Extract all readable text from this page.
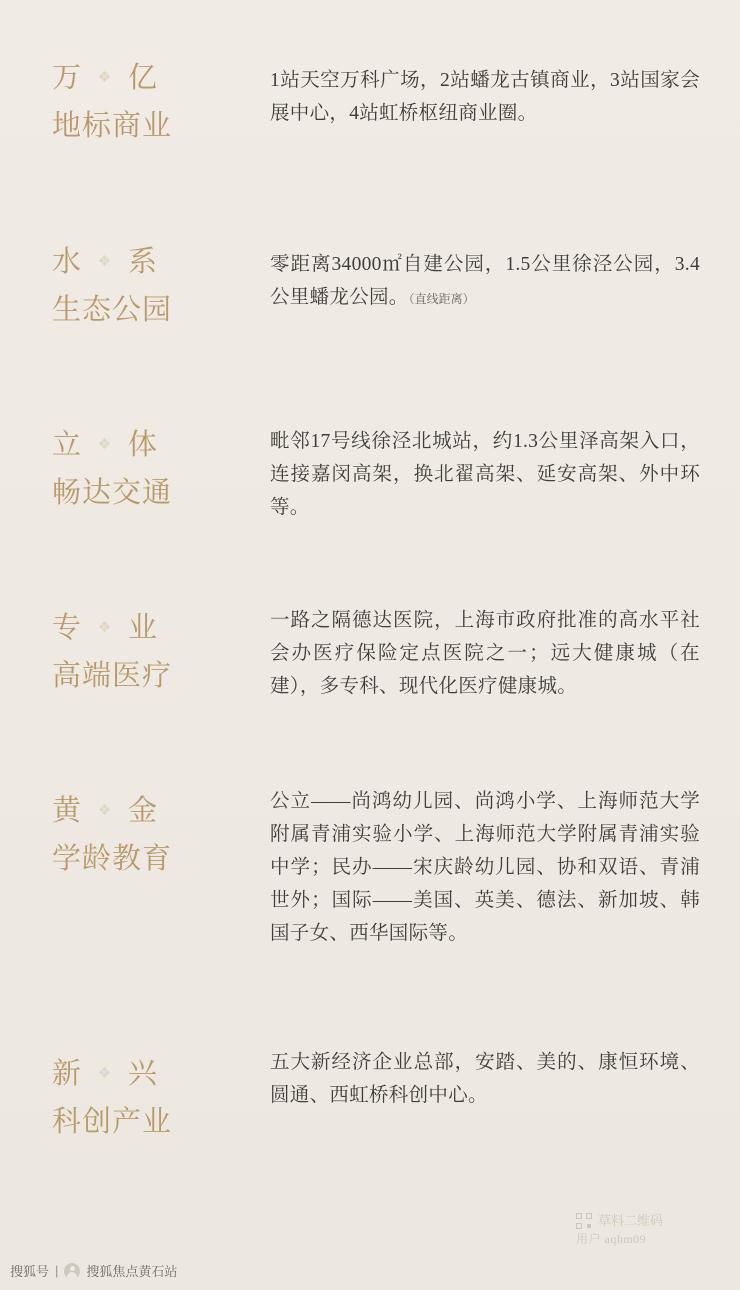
万	❖ 亿
地标商业
1站天空万科广场，2站蟠龙古镇商业，3站国家会展中心，4站虹桥枢纽商业圈。
水	❖ 系
生态公园
零距离34000㎡自建公园，1.5公里徐泾公园，3.4公里蟠龙公园。（直线距离）
立	❖ 体
畅达交通
毗邻17号线徐泾北城站，约1.3公里泽高架入口，连接嘉闵高架，换北翟高架、延安高架、外中环等。
专	❖ 业
高端医疗
一路之隔德达医院，上海市政府批准的高水平社会办医疗保险定点医院之一；远大健康城（在建），多专科、现代化医疗健康城。
黄	❖ 金
学龄教育
公立——尚鸿幼儿园、尚鸿小学、上海师范大学附属青浦实验小学、上海师范大学附属青浦实验中学；民办——宋庆龄幼儿园、协和双语、青浦世外；国际——美国、英美、德法、新加坡、韩国子女、西华国际等。
新	❖ 兴
科创产业
五大新经济企业总部，安踏、美的、康恒环境、圆通、西虹桥科创中心。
草料二维码
用户 aqhm09
搜狐号 | 搜狐焦点黄石站
